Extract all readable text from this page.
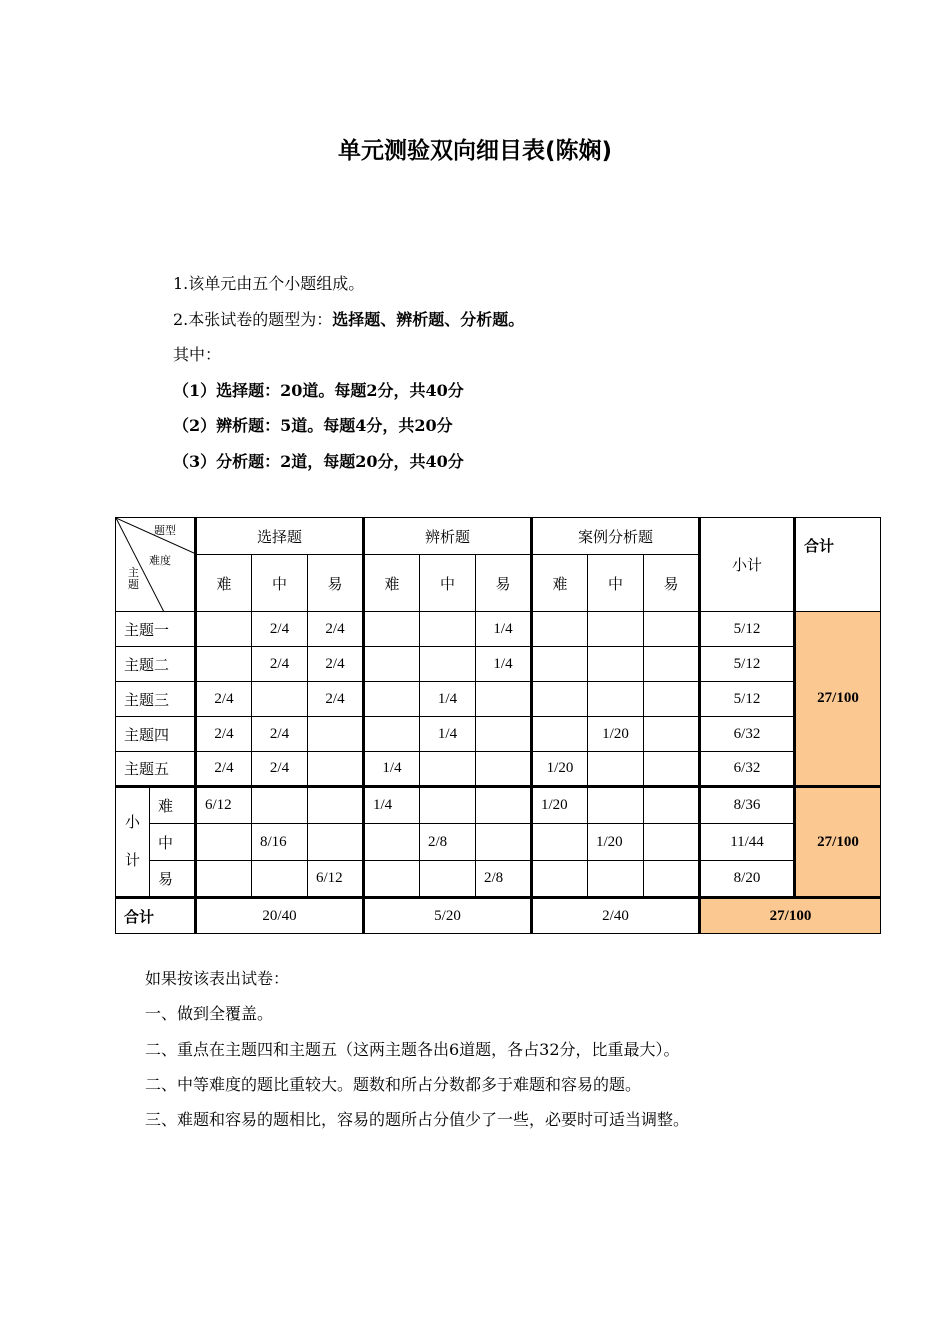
单元测验双向细目表(陈娴)
1.该单元由五个小题组成。
2.本张试卷的题型为：选择题、辨析题、分析题。
其中：
（1）选择题：20道。每题2分，共40分
（2）辨析题：5道。每题4分，共20分
（3）分析题：2道，每题20分，共40分
题型
难度
主
题		选择题			辨析题			案例分析题			小计	合计
		难	中	易	难	中	易	难	中	易		
主题一			2/4	2/4			1/4				5/12	27/100
主题二			2/4	2/4			1/4				5/12	
主题三		2/4		2/4		1/4					5/12	
主题四		2/4	2/4			1/4			1/20		6/32	
主题五		2/4	2/4		1/4			1/20			6/32	

小
计	难	6/12			1/4			1/20			8/36	27/100
	中		8/16			2/8			1/20		11/44	
	易			6/12			2/8				8/20	
合计		20/40			5/20			2/40			27/100	
如果按该表出试卷：
一、做到全覆盖。
二、重点在主题四和主题五（这两主题各出6道题，各占32分，比重最大）。
二、中等难度的题比重较大。题数和所占分数都多于难题和容易的题。
三、难题和容易的题相比，容易的题所占分值少了一些，必要时可适当调整。
